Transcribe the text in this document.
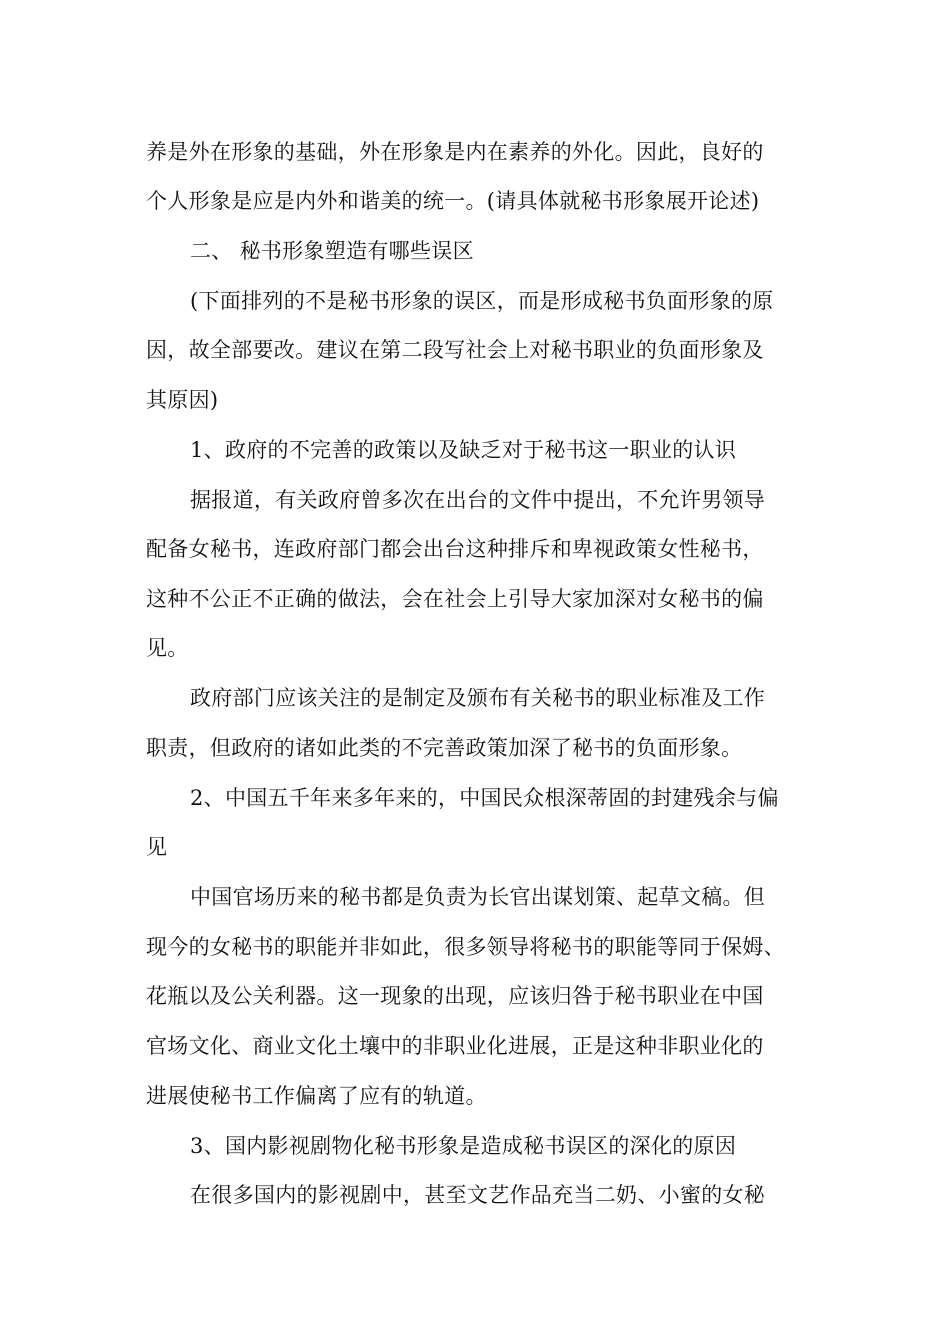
养是外在形象的基础，外在形象是内在素养的外化。因此，良好的
个人形象是应是内外和谐美的统一。(请具体就秘书形象展开论述)
二、 秘书形象塑造有哪些误区
(下面排列的不是秘书形象的误区，而是形成秘书负面形象的原
因，故全部要改。建议在第二段写社会上对秘书职业的负面形象及
其原因)
1、政府的不完善的政策以及缺乏对于秘书这一职业的认识
据报道，有关政府曾多次在出台的文件中提出，不允许男领导
配备女秘书，连政府部门都会出台这种排斥和卑视政策女性秘书，
这种不公正不正确的做法，会在社会上引导大家加深对女秘书的偏
见。
政府部门应该关注的是制定及颁布有关秘书的职业标准及工作
职责，但政府的诸如此类的不完善政策加深了秘书的负面形象。
2、中国五千年来多年来的，中国民众根深蒂固的封建残余与偏
见
中国官场历来的秘书都是负责为长官出谋划策、起草文稿。但
现今的女秘书的职能并非如此，很多领导将秘书的职能等同于保姆、
花瓶以及公关利器。这一现象的出现，应该归咎于秘书职业在中国
官场文化、商业文化土壤中的非职业化进展，正是这种非职业化的
进展使秘书工作偏离了应有的轨道。
3、国内影视剧物化秘书形象是造成秘书误区的深化的原因
在很多国内的影视剧中，甚至文艺作品充当二奶、小蜜的女秘
